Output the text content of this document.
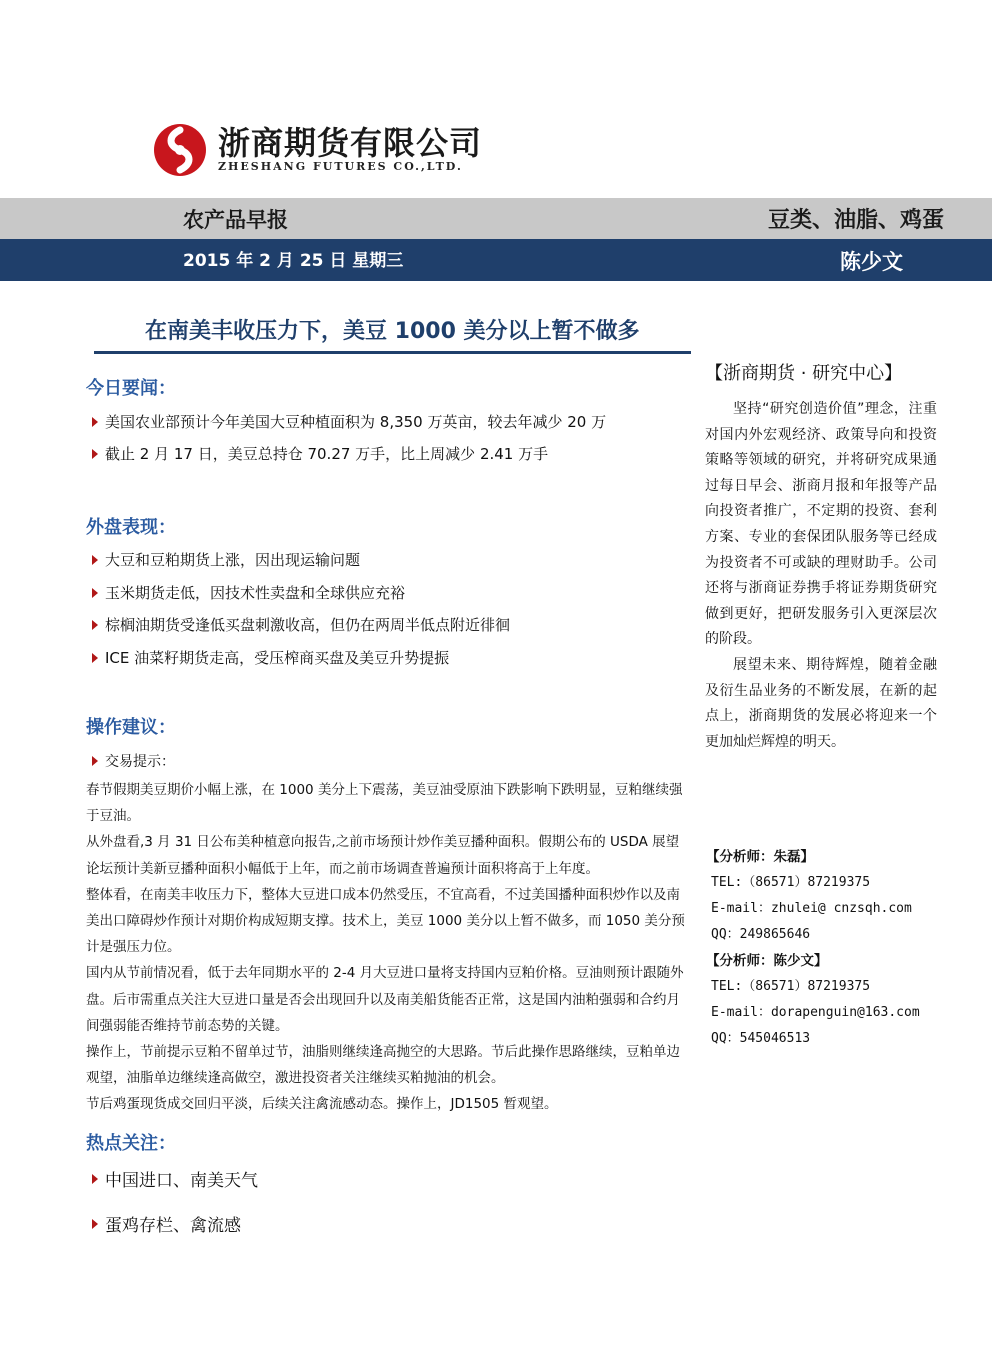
浙商期货有限公司
ZHESHANG FUTURES CO.,LTD.
农产品早报	豆类、油脂、鸡蛋
2015 年 2 月 25 日 星期三	陈少文
在南美丰收压力下，美豆 1000 美分以上暂不做多
今日要闻：
美国农业部预计今年美国大豆种植面积为 8,350 万英亩，较去年减少 20 万
截止 2 月 17 日，美豆总持仓 70.27 万手，比上周减少 2.41 万手
外盘表现：
大豆和豆粕期货上涨，因出现运输问题
玉米期货走低，因技术性卖盘和全球供应充裕
棕榈油期货受逢低买盘刺激收高，但仍在两周半低点附近徘徊
ICE 油菜籽期货走高，受压榨商买盘及美豆升势提振
操作建议：
交易提示：

春节假期美豆期价小幅上涨，在 1000 美分上下震荡，美豆油受原油下跌影响下跌明显，豆粕继续强于豆油。

从外盘看,3 月 31 日公布美种植意向报告,之前市场预计炒作美豆播种面积。假期公布的 USDA 展望论坛预计美新豆播种面积小幅低于上年，而之前市场调查普遍预计面积将高于上年度。

整体看，在南美丰收压力下，整体大豆进口成本仍然受压，不宜高看，不过美国播种面积炒作以及南美出口障碍炒作预计对期价构成短期支撑。技术上，美豆 1000 美分以上暂不做多，而 1050 美分预计是强压力位。

国内从节前情况看，低于去年同期水平的 2-4 月大豆进口量将支持国内豆粕价格。豆油则预计跟随外盘。后市需重点关注大豆进口量是否会出现回升以及南美船货能否正常，这是国内油粕强弱和合约月间强弱能否维持节前态势的关键。

操作上，节前提示豆粕不留单过节，油脂则继续逢高抛空的大思路。节后此操作思路继续，豆粕单边观望，油脂单边继续逢高做空，激进投资者关注继续买粕抛油的机会。

节后鸡蛋现货成交回归平淡，后续关注禽流感动态。操作上，JD1505 暂观望。

热点关注：
中国进口、南美天气
蛋鸡存栏、禽流感
【浙商期货 · 研究中心】

坚持“研究创造价值”理念，注重对国内外宏观经济、政策导向和投资策略等领域的研究，并将研究成果通过每日早会、浙商月报和年报等产品向投资者推广，不定期的投资、套利方案、专业的套保团队服务等已经成为投资者不可或缺的理财助手。公司还将与浙商证券携手将证券期货研究做到更好，把研发服务引入更深层次的阶段。

展望未来、期待辉煌，随着金融及衍生品业务的不断发展，在新的起点上，浙商期货的发展必将迎来一个更加灿烂辉煌的明天。

【分析师：朱磊】
TEL:（86571）87219375
E-mail：zhulei@ cnzsqh.com
QQ：249865646
【分析师：陈少文】
TEL:（86571）87219375
E-mail：dorapenguin@163.com
QQ：545046513
